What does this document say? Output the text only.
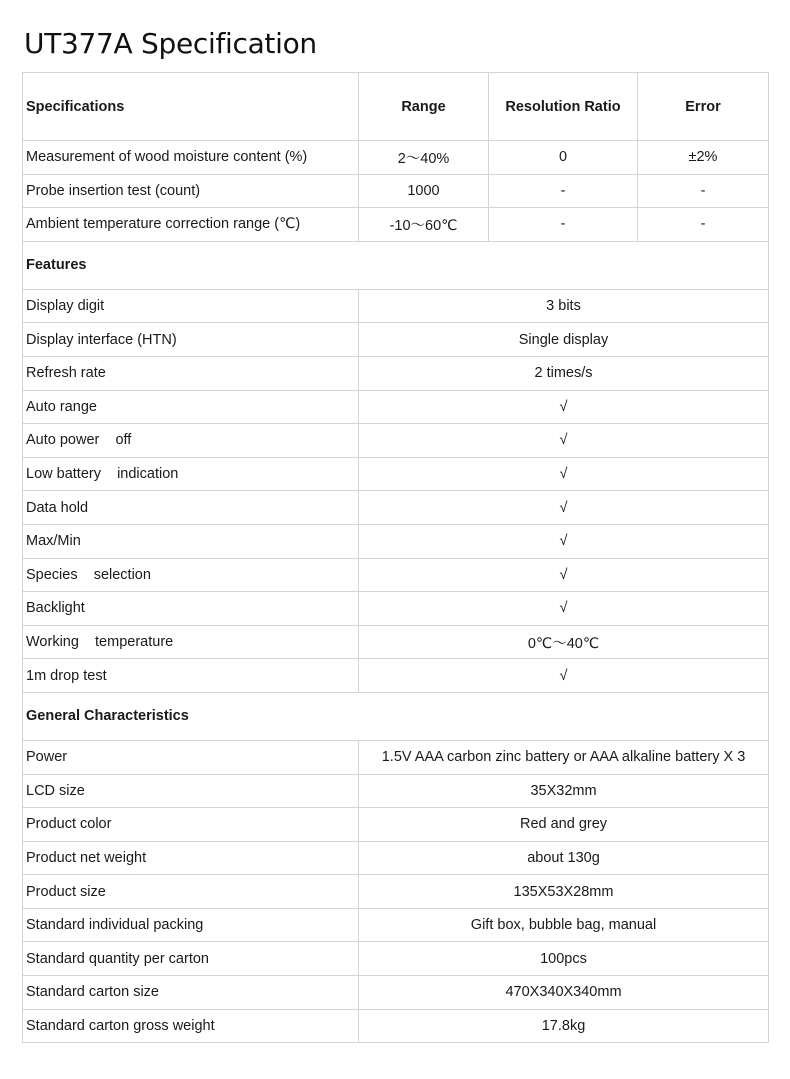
UT377A Specification
Specifications	Range	Resolution Ratio	Error
Measurement of wood moisture content (%)	2～40%	0	±2%
Probe insertion test (count)	1000	-	-
Ambient temperature correction range (℃)	-10～60℃	-	-
Features			
Display digit	3 bits		
Display interface (HTN)	Single display		
Refresh rate	2 times/s		
Auto range	√		
Auto power    off	√		
Low battery    indication	√		
Data hold	√		
Max/Min	√		
Species    selection	√		
Backlight	√		
Working    temperature	0℃～40℃		
1m drop test	√		
General Characteristics			
Power	1.5V AAA carbon zinc battery or AAA alkaline battery X 3		
LCD size	35X32mm		
Product color	Red and grey		
Product net weight	about 130g		
Product size	135X53X28mm		
Standard individual packing	Gift box, bubble bag, manual		
Standard quantity per carton	100pcs		
Standard carton size	470X340X340mm		
Standard carton gross weight	17.8kg		
